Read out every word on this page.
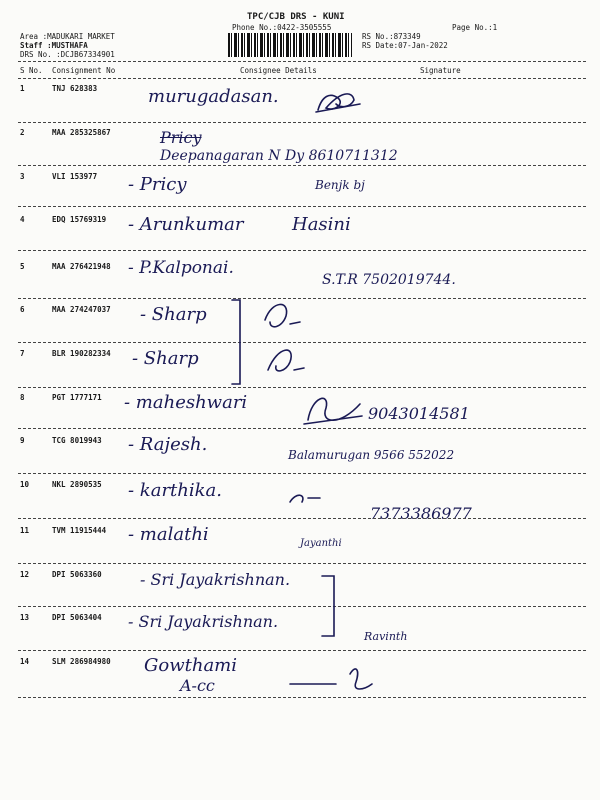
TPC/CJB DRS - KUNI
Phone No.:0422-3505555	Page No.:1
Area :MADUKARI MARKET
Staff :MUSTHAFA
DRS No. :DCJB67334901
RS No.:873349
RS Date:07-Jan-2022
S No. Consignment No	Consignee Details	Signature
1	TNJ 628383	murugadasan.
2	MAA 285325867	Pricy
Deepanagaran N Dy 8610711312
3	VLI 153977 - Pricy	Benjk bj
4	EDQ 15769319 - Arunkumar	Hasini
5	MAA 276421948 - P.Kalponai.
S.T.R 7502019744.
6	MAA 274247037 - Sharp
7	BLR 190282334 - Sharp
8	PGT 1777171 - maheshwari
9043014581
9	TCG 8019943 - Rajesh.	Balamurugan 9566 552022
10	NKL 2890535 - karthika.
7373386977
11	TVM 11915444 - malathi	Jayanthi
12	DPI 5063360 - Sri Jayakrishnan.
13	DPI 5063404 - Sri Jayakrishnan.
Ravinth
14	SLM 286984980 Gowthami
A-cc
